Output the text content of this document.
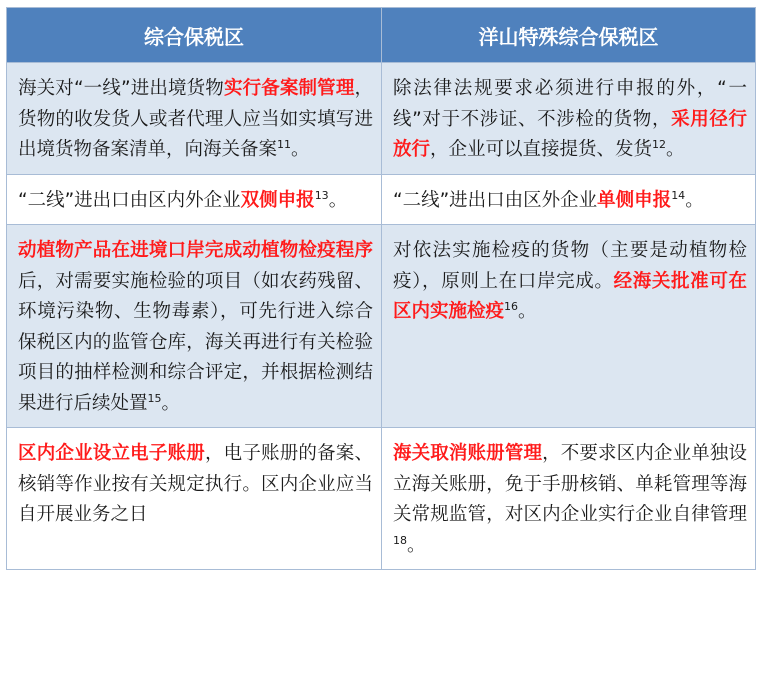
综合保税区	洋山特殊综合保税区
海关对“一线”进出境货物实行备案制管理，货物的收发货人或者代理人应当如实填写进出境货物备案清单，向海关备案$^{11}$。	除法律法规要求必须进行申报的外，“一线”对于不涉证、不涉检的货物，采用径行放行，企业可以直接提货、发货$^{12}$。
“二线”进出口由区内外企业双侧申报$^{13}$。	“二线”进出口由区外企业单侧申报$^{14}$。
动植物产品在进境口岸完成动植物检疫程序后，对需要实施检验的项目（如农药残留、环境污染物、生物毒素），可先行进入综合保税区内的监管仓库，海关再进行有关检验项目的抽样检测和综合评定，并根据检测结果进行后续处置$^{15}$。	对依法实施检疫的货物（主要是动植物检疫），原则上在口岸完成。经海关批准可在区内实施检疫$^{16}$。
区内企业设立电子账册，电子账册的备案、核销等作业按有关规定执行。区内企业应当自开展业务之日	海关取消账册管理，不要求区内企业单独设立海关账册，免于手册核销、单耗管理等海关常规监管，对区内企业实行企业自律管理$^{18}$。
